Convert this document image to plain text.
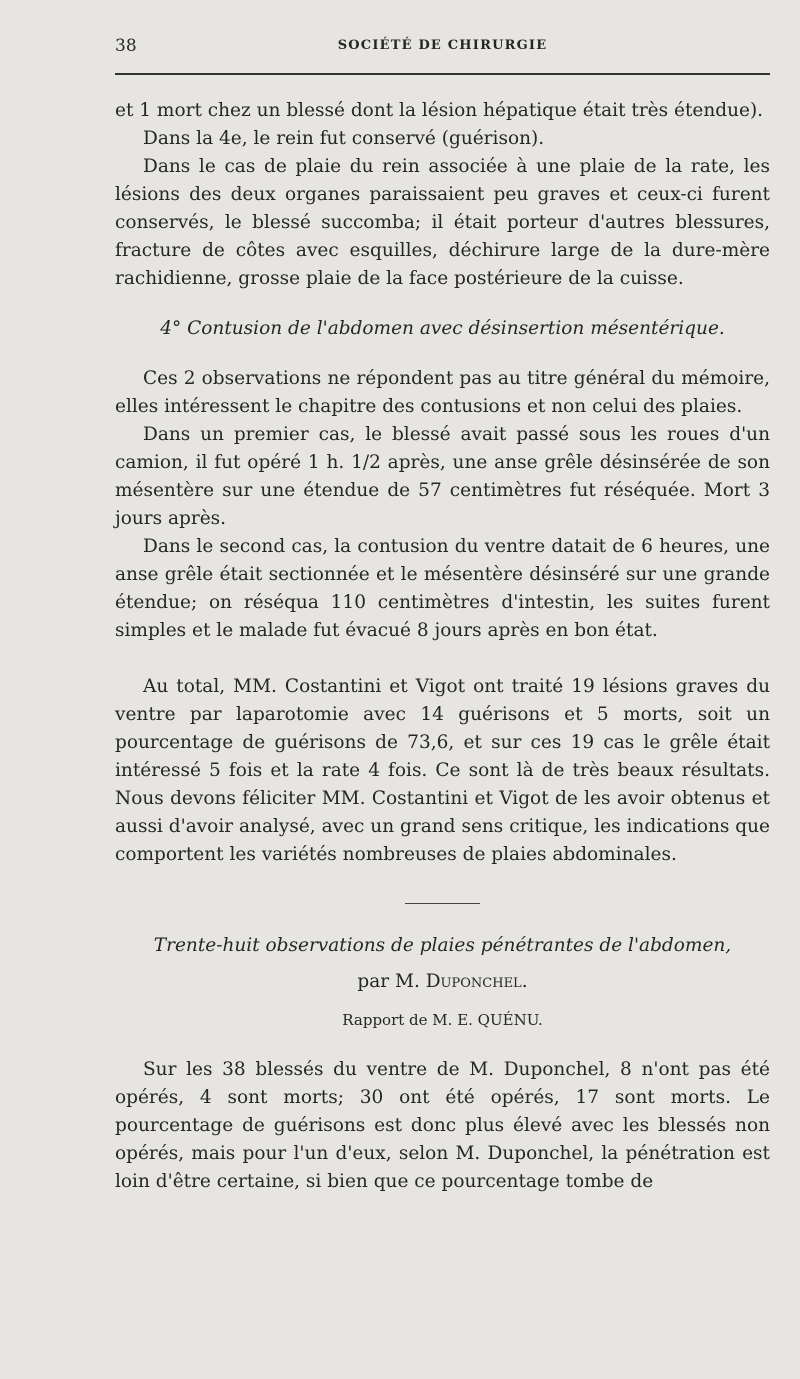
38	SOCIÉTÉ DE CHIRURGIE

et 1 mort chez un blessé dont la lésion hépatique était très étendue).

Dans la 4e, le rein fut conservé (guérison).

Dans le cas de plaie du rein associée à une plaie de la rate, les lésions des deux organes paraissaient peu graves et ceux-ci furent conservés, le blessé succomba; il était porteur d'autres blessures, fracture de côtes avec esquilles, déchirure large de la dure-mère rachidienne, grosse plaie de la face postérieure de la cuisse.

4° Contusion de l'abdomen avec désinsertion mésentérique.

Ces 2 observations ne répondent pas au titre général du mémoire, elles intéressent le chapitre des contusions et non celui des plaies.

Dans un premier cas, le blessé avait passé sous les roues d'un camion, il fut opéré 1 h. 1/2 après, une anse grêle désinsérée de son mésentère sur une étendue de 57 centimètres fut réséquée. Mort 3 jours après.

Dans le second cas, la contusion du ventre datait de 6 heures, une anse grêle était sectionnée et le mésentère désinséré sur une grande étendue; on réséqua 110 centimètres d'intestin, les suites furent simples et le malade fut évacué 8 jours après en bon état.

Au total, MM. Costantini et Vigot ont traité 19 lésions graves du ventre par laparotomie avec 14 guérisons et 5 morts, soit un pourcentage de guérisons de 73,6, et sur ces 19 cas le grêle était intéressé 5 fois et la rate 4 fois. Ce sont là de très beaux résultats. Nous devons féliciter MM. Costantini et Vigot de les avoir obtenus et aussi d'avoir analysé, avec un grand sens critique, les indications que comportent les variétés nombreuses de plaies abdominales.

Trente-huit observations de plaies pénétrantes de l'abdomen,
par M. Duponchel.
Rapport de M. E. QUÉNU.

Sur les 38 blessés du ventre de M. Duponchel, 8 n'ont pas été opérés, 4 sont morts; 30 ont été opérés, 17 sont morts. Le pourcentage de guérisons est donc plus élevé avec les blessés non opérés, mais pour l'un d'eux, selon M. Duponchel, la pénétration est loin d'être certaine, si bien que ce pourcentage tombe de
